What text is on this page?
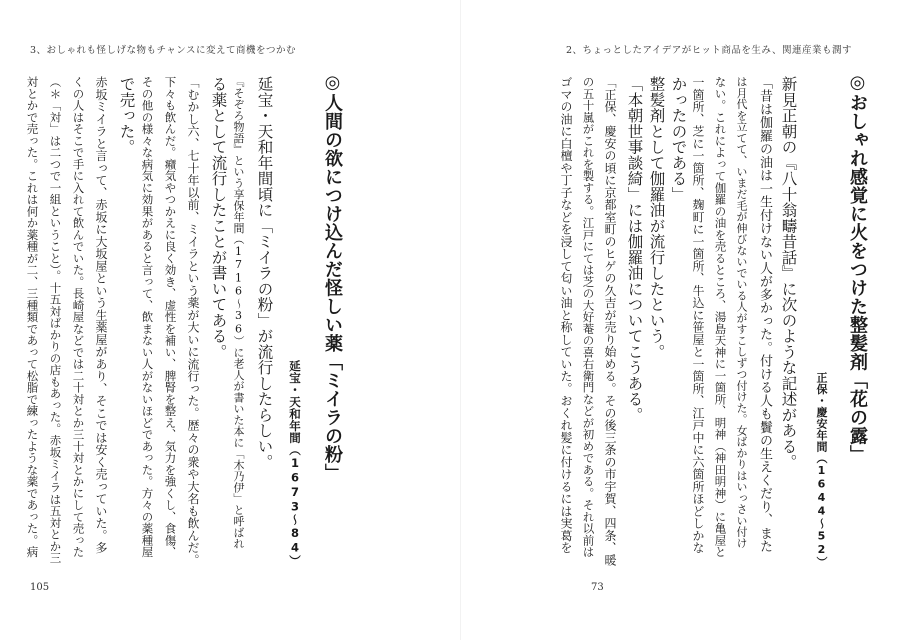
3、おしゃれも怪しげな物もチャンスに変えて商機をつかむ
◎人間の欲につけ込んだ怪しい薬「ミイラの粉」
延宝・天和年間（1673〜84）
延宝・天和年間頃に「ミイラの粉」が流行したらしい。
『そぞろ物語』という享保年間（1716〜36）に老人が書いた本に「木乃伊」と呼ばれ
る薬として流行したことが書いてある。
「むかし六、七十年以前、ミイラという薬が大いに流行った。歴々の衆や大名も飲んだ。
下々も飲んだ。癪気やつかえに良く効き、虚性を補い、脾腎を整え、気力を強くし、食傷、
その他の様々な病気に効果があると言って、飲まない人がないほどであった。方々の薬種屋
で売った。
赤坂ミイラと言って、赤坂に大坂屋という生薬屋があり、そこでは安く売っていた。多
くの人はそこで手に入れて飲んでいた。長崎屋などでは二十対とか三十対とかにして売った
（＊「対」は二つで一組ということ）。十五対ばかりの店もあった。赤坂ミイラは五対とか三
対とかで売った。これは何か薬種が二、三種類であって松脂で練ったような薬であった。病
105
2、ちょっとしたアイデアがヒット商品を生み、関連産業も潤す
◎おしゃれ感覚に火をつけた整髪剤「花の露」
正保・慶安年間（1644〜52）
新見正朝の『八十翁疇昔話』に次のような記述がある。
「昔は伽羅の油は一生付けない人が多かった。付ける人も鬢の生えくだり、また
は月代を立てて、いまだ毛が伸びないでいる人がすこしずつ付けた。女ばかりはいっさい付け
ない。これによって伽羅の油を売るところ、湯島天神に一箇所、明神（神田明神）に亀屋と
一箇所、芝に一箇所、麹町に一箇所、牛込に笹屋と一箇所、江戸中に六箇所ほどしかな
かったのである」
整髪剤として伽羅油が流行したという。
「本朝世事談綺」には伽羅油についてこうある。
「正保、慶安の頃に京都室町のヒゲの久吉が売り始める。その後三条の市宇賀、四条、暖
の五十嵐がこれを製する。江戸にては芝の大好菴の喜右衛門などが初めである。それ以前は
ゴマの油に白檀や丁子などを浸して匂い油と称していた。おくれ髪に付けるには実葛を
73
